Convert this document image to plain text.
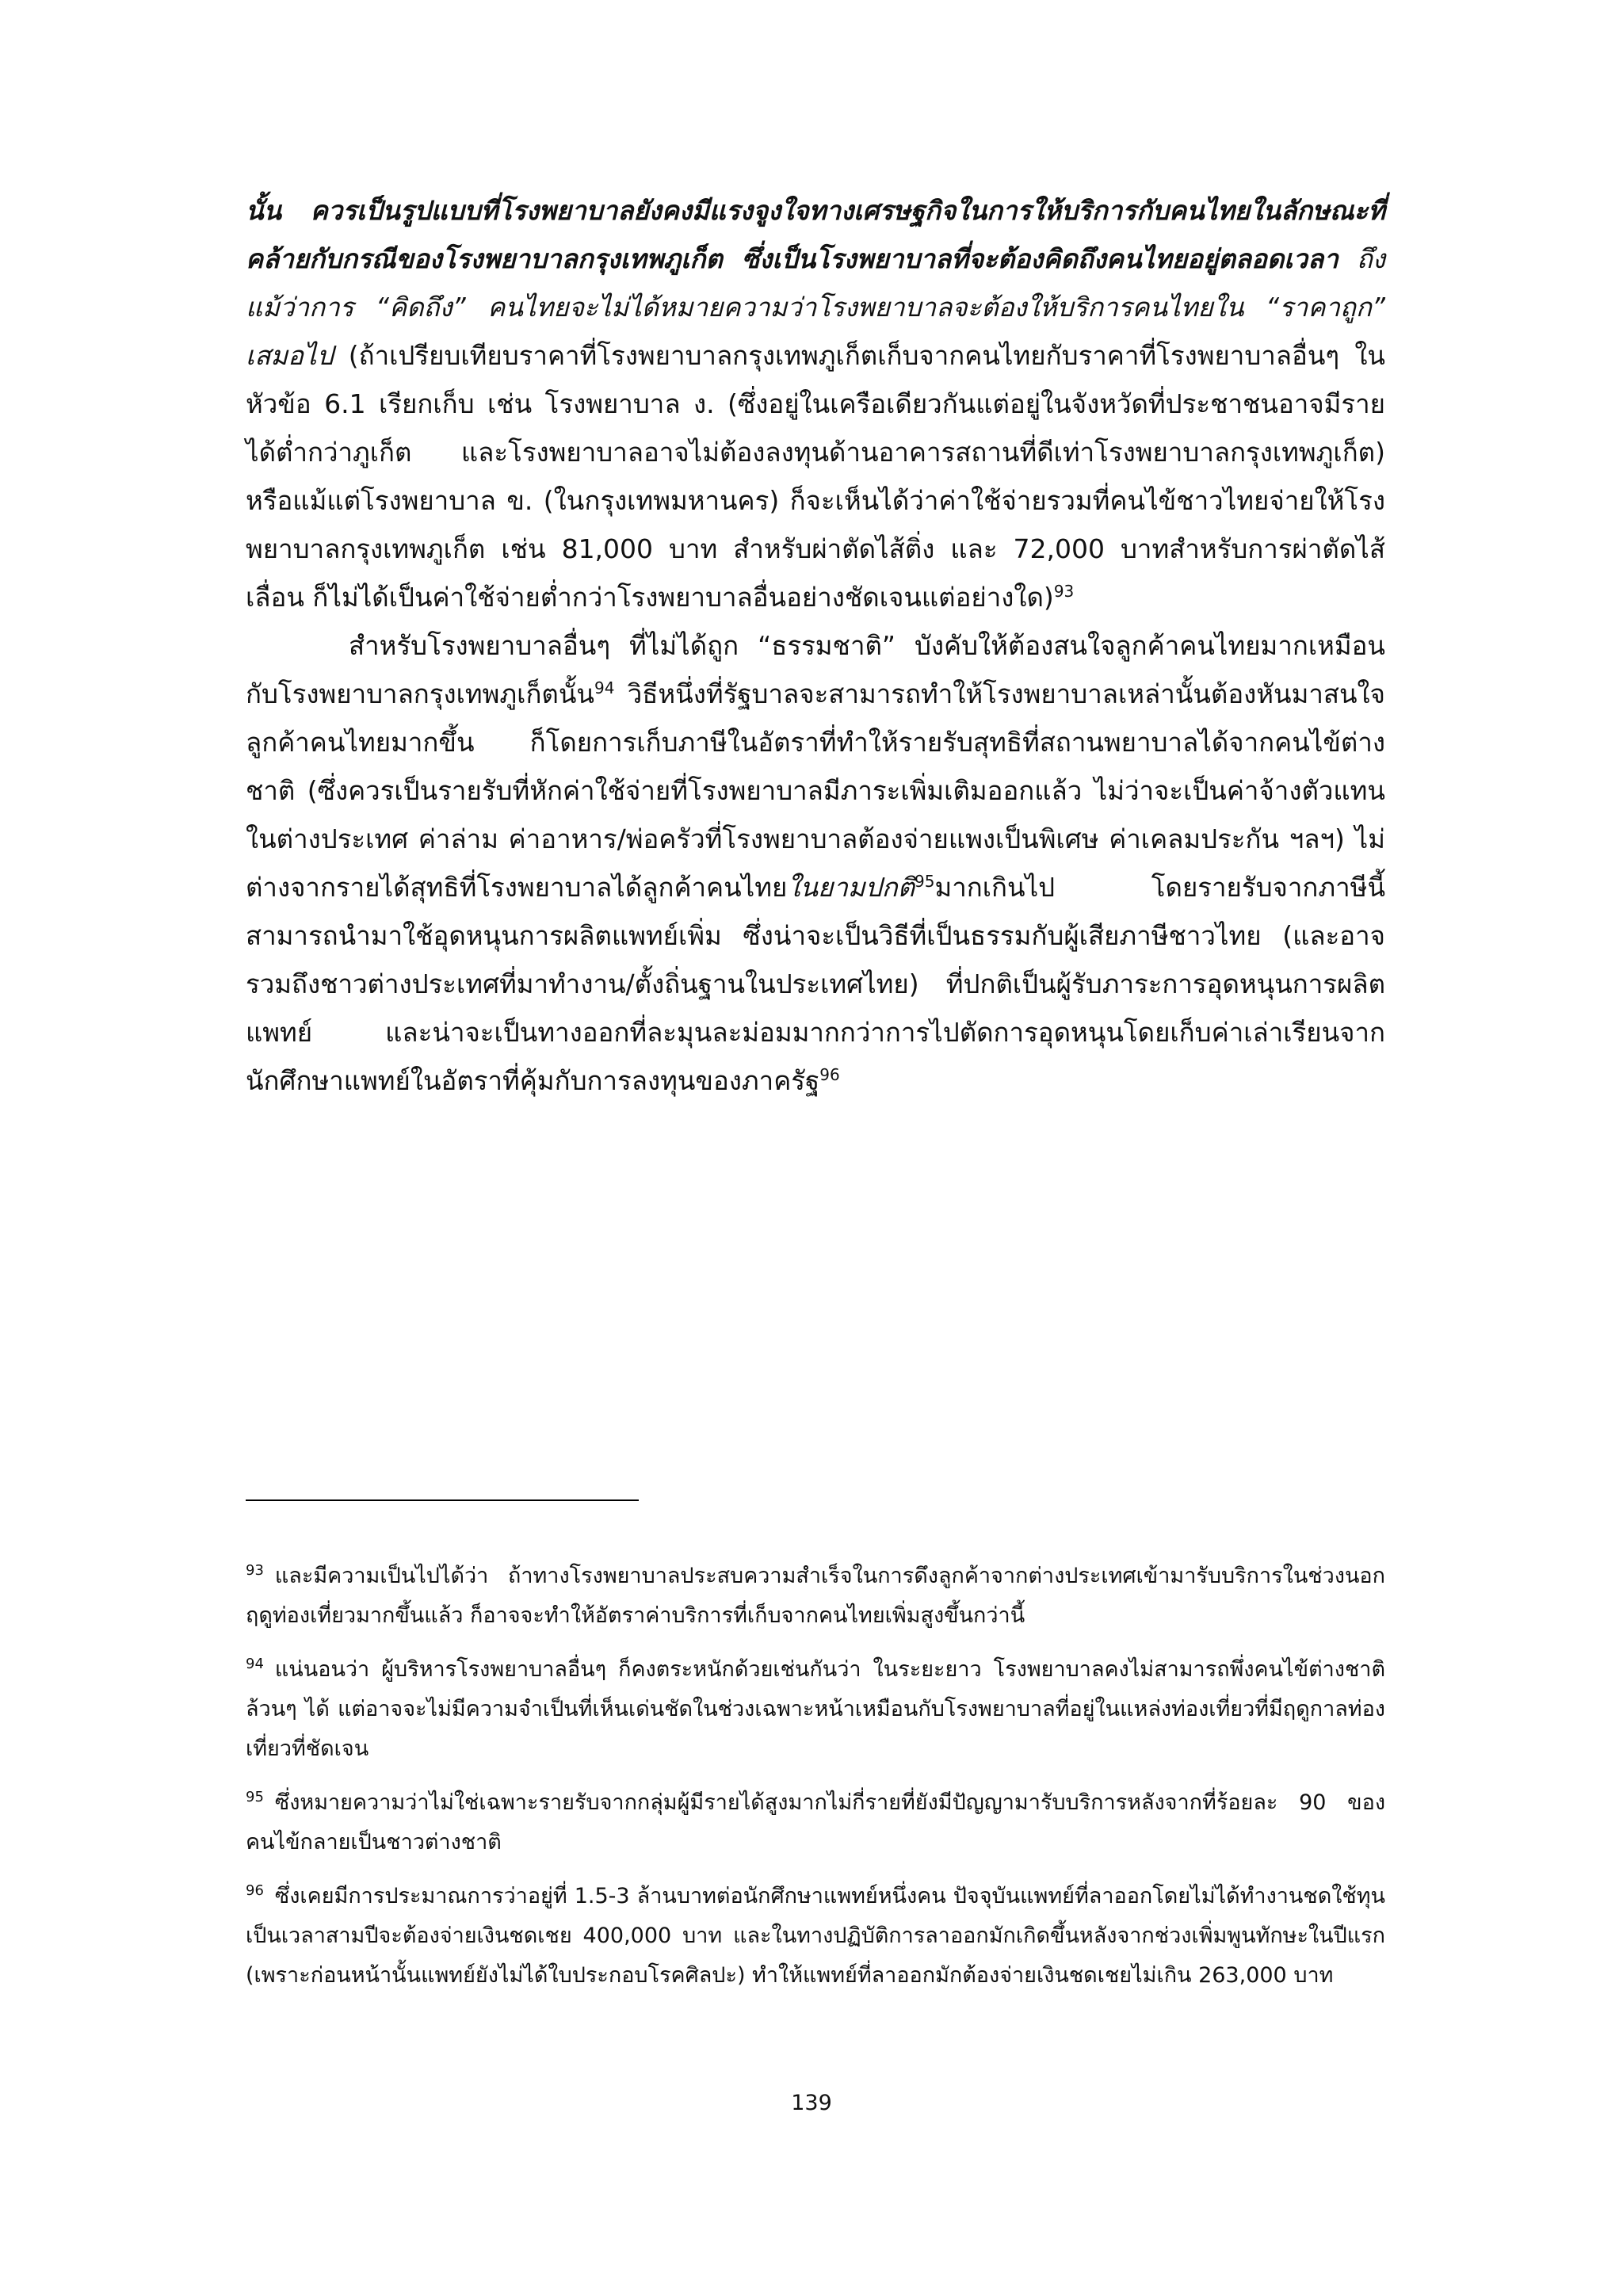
นั้น ควรเป็นรูปแบบที่โรงพยาบาลยังคงมีแรงจูงใจทางเศรษฐกิจในการให้บริการกับคนไทยในลักษณะที่คล้ายกับกรณีของโรงพยาบาลกรุงเทพภูเก็ต ซึ่งเป็นโรงพยาบาลที่จะต้องคิดถึงคนไทยอยู่ตลอดเวลา ถึงแม้ว่าการ “คิดถึง” คนไทยจะไม่ได้หมายความว่าโรงพยาบาลจะต้องให้บริการคนไทยใน “ราคาถูก” เสมอไป (ถ้าเปรียบเทียบราคาที่โรงพยาบาลกรุงเทพภูเก็ตเก็บจากคนไทยกับราคาที่โรงพยาบาลอื่นๆ ในหัวข้อ 6.1 เรียกเก็บ เช่น โรงพยาบาล ง. (ซึ่งอยู่ในเครือเดียวกันแต่อยู่ในจังหวัดที่ประชาชนอาจมีรายได้ต่ำกว่าภูเก็ต และโรงพยาบาลอาจไม่ต้องลงทุนด้านอาคารสถานที่ดีเท่าโรงพยาบาลกรุงเทพภูเก็ต) หรือแม้แต่โรงพยาบาล ข. (ในกรุงเทพมหานคร) ก็จะเห็นได้ว่าค่าใช้จ่ายรวมที่คนไข้ชาวไทยจ่ายให้โรงพยาบาลกรุงเทพภูเก็ต เช่น 81,000 บาท สำหรับผ่าตัดไส้ติ่ง และ 72,000 บาทสำหรับการผ่าตัดไส้เลื่อน ก็ไม่ได้เป็นค่าใช้จ่ายต่ำกว่าโรงพยาบาลอื่นอย่างชัดเจนแต่อย่างใด)$^{93}$

สำหรับโรงพยาบาลอื่นๆ ที่ไม่ได้ถูก “ธรรมชาติ” บังคับให้ต้องสนใจลูกค้าคนไทยมากเหมือนกับโรงพยาบาลกรุงเทพภูเก็ตนั้น$^{94}$ วิธีหนึ่งที่รัฐบาลจะสามารถทำให้โรงพยาบาลเหล่านั้นต้องหันมาสนใจลูกค้าคนไทยมากขึ้น ก็โดยการเก็บภาษีในอัตราที่ทำให้รายรับสุทธิที่สถานพยาบาลได้จากคนไข้ต่างชาติ (ซึ่งควรเป็นรายรับที่หักค่าใช้จ่ายที่โรงพยาบาลมีภาระเพิ่มเติมออกแล้ว ไม่ว่าจะเป็นค่าจ้างตัวแทนในต่างประเทศ ค่าล่าม ค่าอาหาร/พ่อครัวที่โรงพยาบาลต้องจ่ายแพงเป็นพิเศษ ค่าเคลมประกัน ฯลฯ) ไม่ต่างจากรายได้สุทธิที่โรงพยาบาลได้ลูกค้าคนไทยในยามปกติ$^{95}$มากเกินไป โดยรายรับจากภาษีนี้สามารถนำมาใช้อุดหนุนการผลิตแพทย์เพิ่ม ซึ่งน่าจะเป็นวิธีที่เป็นธรรมกับผู้เสียภาษีชาวไทย (และอาจรวมถึงชาวต่างประเทศที่มาทำงาน/ตั้งถิ่นฐานในประเทศไทย) ที่ปกติเป็นผู้รับภาระการอุดหนุนการผลิตแพทย์ และน่าจะเป็นทางออกที่ละมุนละม่อมมากกว่าการไปตัดการอุดหนุนโดยเก็บค่าเล่าเรียนจากนักศึกษาแพทย์ในอัตราที่คุ้มกับการลงทุนของภาครัฐ$^{96}$

$^{93}$ และมีความเป็นไปได้ว่า ถ้าทางโรงพยาบาลประสบความสำเร็จในการดึงลูกค้าจากต่างประเทศเข้ามารับบริการในช่วงนอกฤดูท่องเที่ยวมากขึ้นแล้ว ก็อาจจะทำให้อัตราค่าบริการที่เก็บจากคนไทยเพิ่มสูงขึ้นกว่านี้

$^{94}$ แน่นอนว่า ผู้บริหารโรงพยาบาลอื่นๆ ก็คงตระหนักด้วยเช่นกันว่า ในระยะยาว โรงพยาบาลคงไม่สามารถพึ่งคนไข้ต่างชาติล้วนๆ ได้ แต่อาจจะไม่มีความจำเป็นที่เห็นเด่นชัดในช่วงเฉพาะหน้าเหมือนกับโรงพยาบาลที่อยู่ในแหล่งท่องเที่ยวที่มีฤดูกาลท่องเที่ยวที่ชัดเจน

$^{95}$ ซึ่งหมายความว่าไม่ใช่เฉพาะรายรับจากกลุ่มผู้มีรายได้สูงมากไม่กี่รายที่ยังมีปัญญามารับบริการหลังจากที่ร้อยละ 90 ของคนไข้กลายเป็นชาวต่างชาติ

$^{96}$ ซึ่งเคยมีการประมาณการว่าอยู่ที่ 1.5-3 ล้านบาทต่อนักศึกษาแพทย์หนึ่งคน ปัจจุบันแพทย์ที่ลาออกโดยไม่ได้ทำงานชดใช้ทุนเป็นเวลาสามปีจะต้องจ่ายเงินชดเชย 400,000 บาท และในทางปฏิบัติการลาออกมักเกิดขึ้นหลังจากช่วงเพิ่มพูนทักษะในปีแรก (เพราะก่อนหน้านั้นแพทย์ยังไม่ได้ใบประกอบโรคศิลปะ) ทำให้แพทย์ที่ลาออกมักต้องจ่ายเงินชดเชยไม่เกิน 263,000 บาท

139
